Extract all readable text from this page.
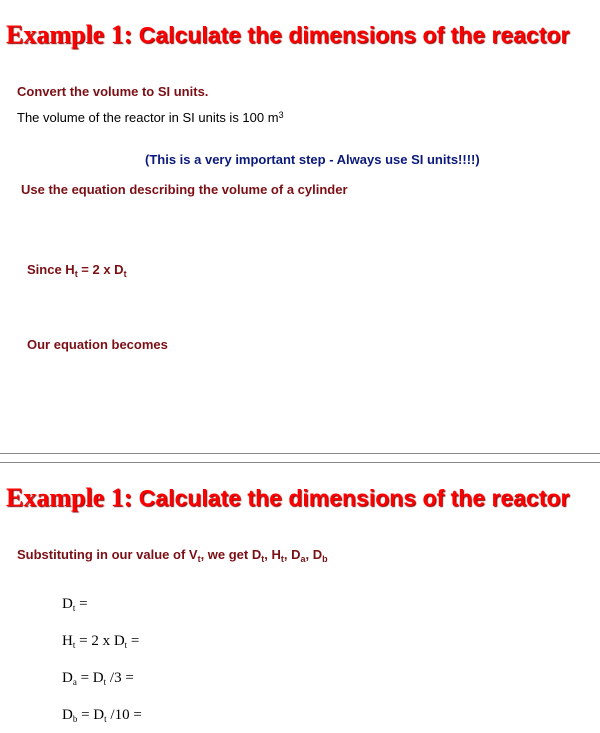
Example 1: Calculate the dimensions of the reactor
Convert the volume to SI units.
The volume of the reactor in SI units is 100 $m^3$
(This is a very important step - Always use SI units!!!!)
Use the equation describing the volume of a cylinder
Since $H_t = 2$ x $D_t$
Our equation becomes
Example 1: Calculate the dimensions of the reactor
Substituting in our value of $V_t$, we get $D_t$, $H_t$, $D_a$, $D_b$
$D_t$ =
$H_t = 2$ x $D_t$ =
$D_a = D_t$ /3 =
$D_b = D_t$ /10 =
